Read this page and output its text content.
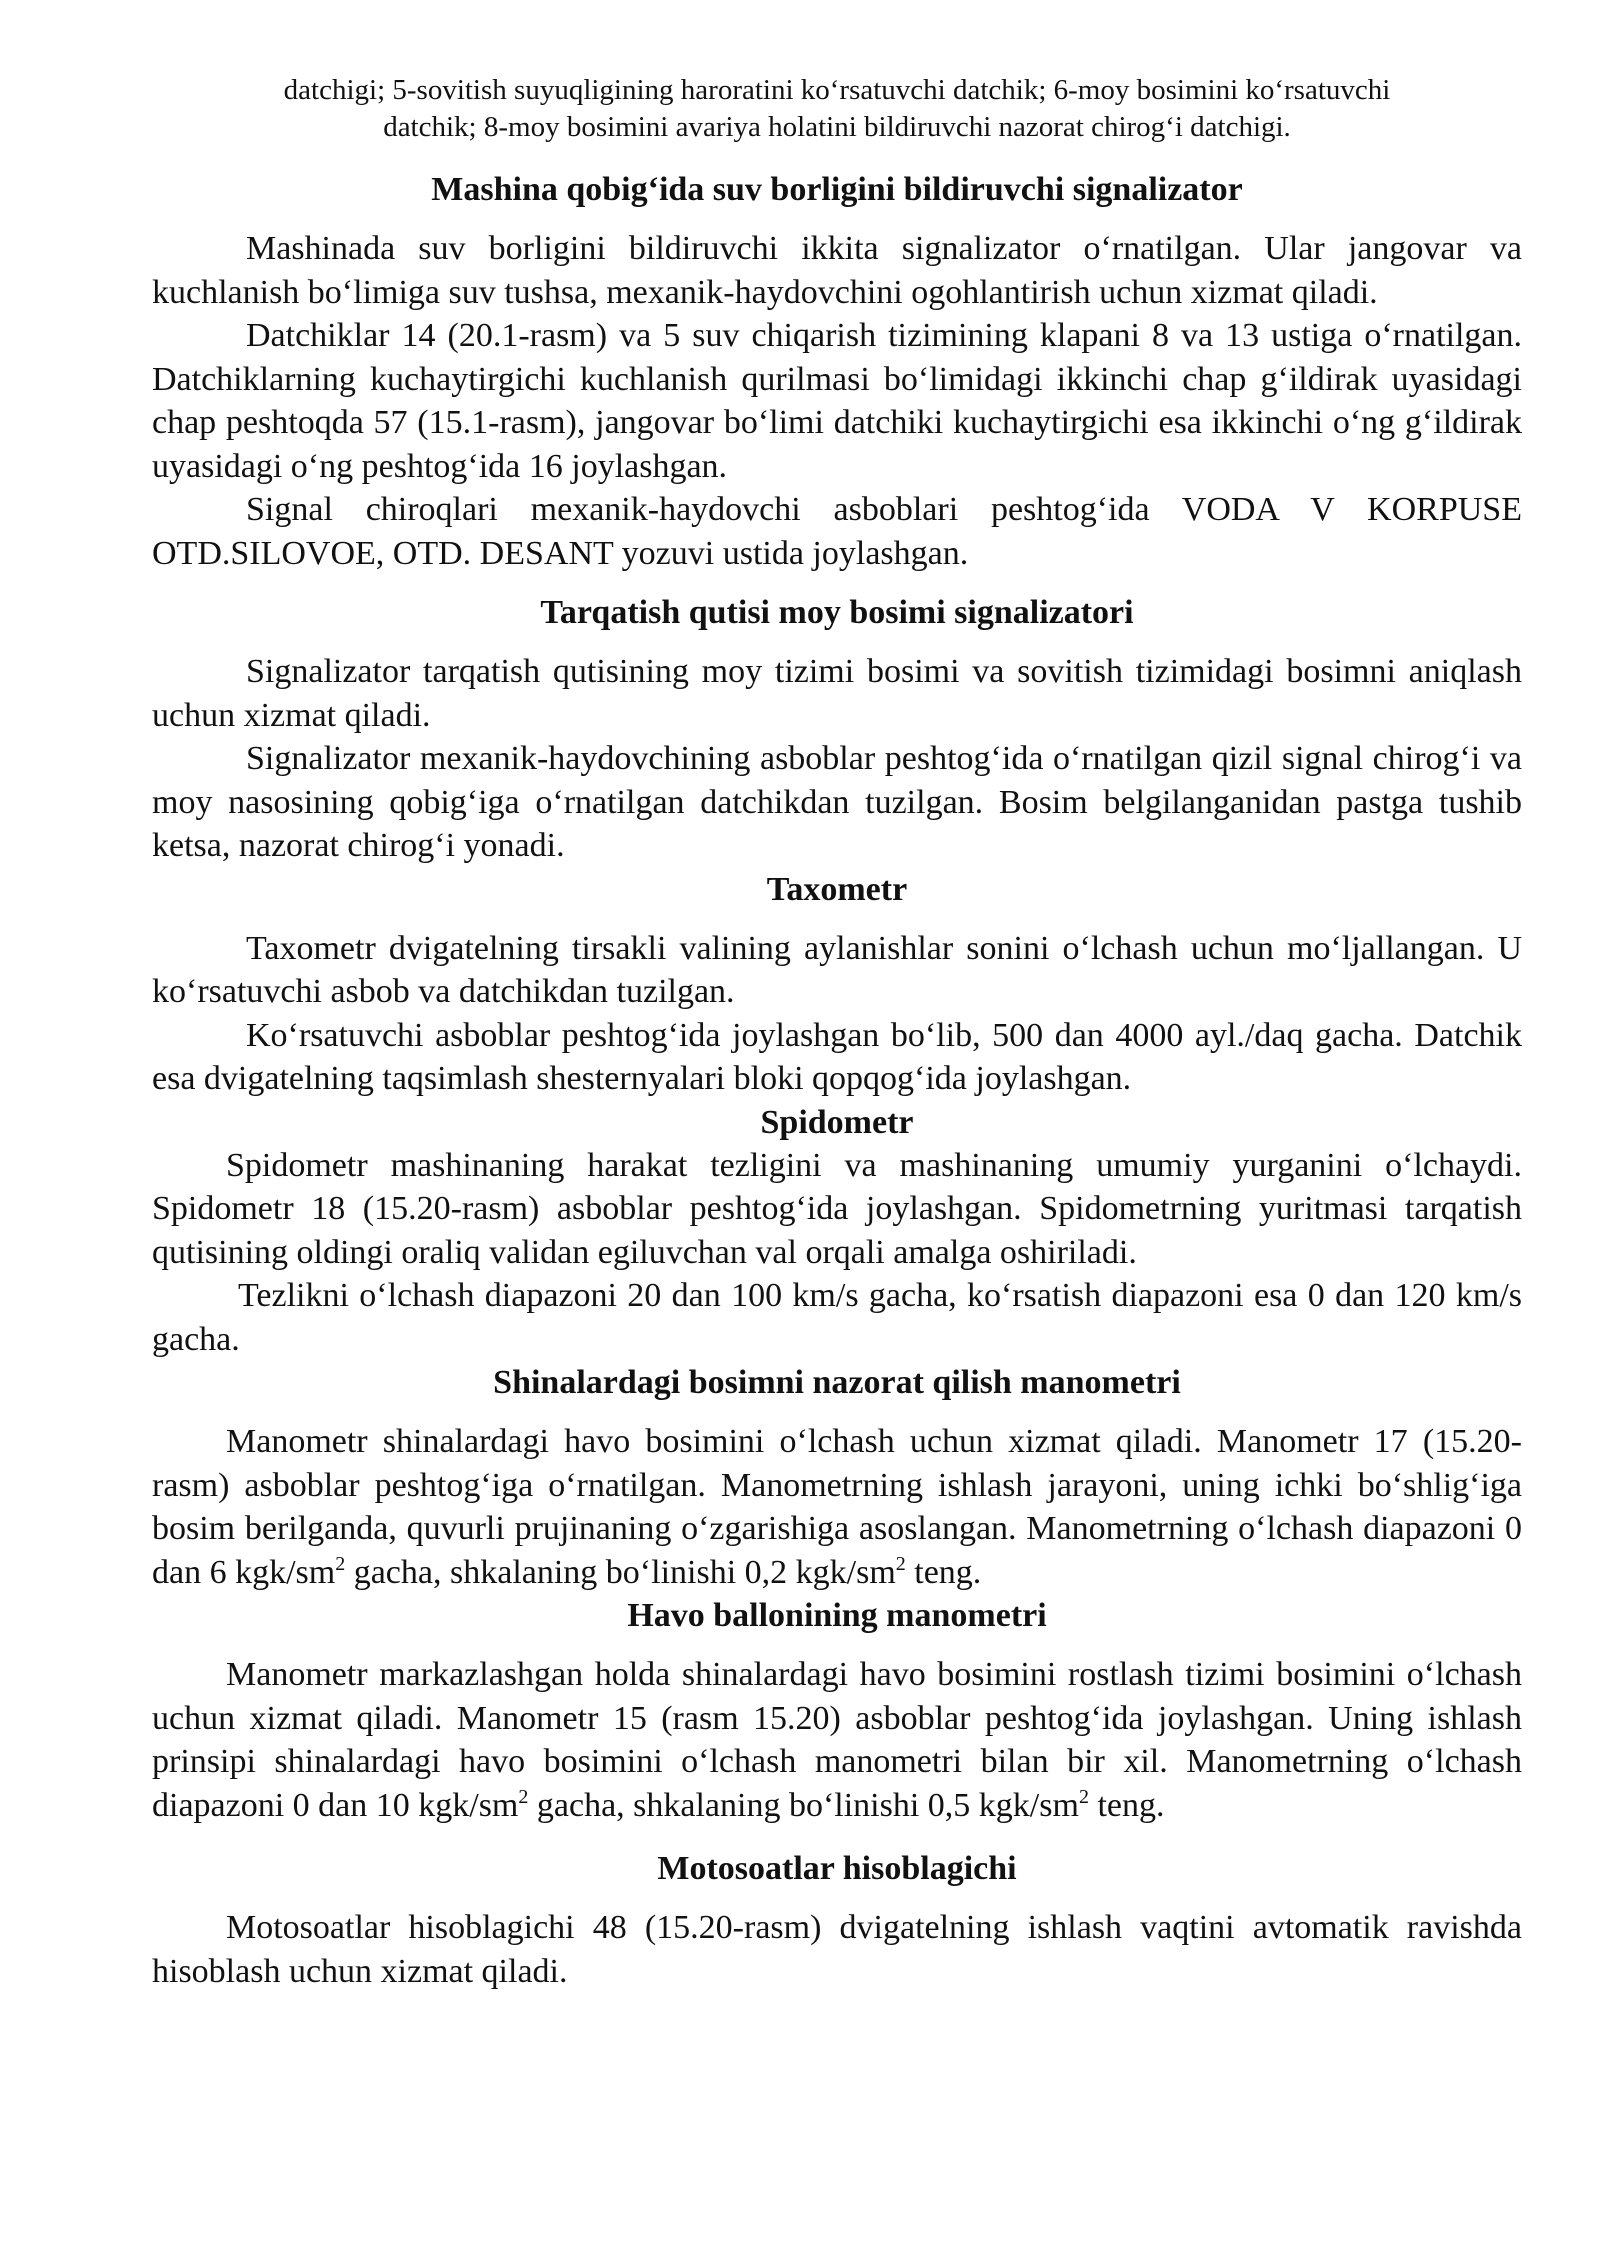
datchigi; 5-sovitish suyuqligining haroratini ko‘rsatuvchi datchik; 6-moy bosimini ko‘rsatuvchi
datchik; 8-moy bosimini avariya holatini bildiruvchi nazorat chirog‘i datchigi.
Mashina qobig‘ida suv borligini bildiruvchi signalizator

Mashinada suv borligini bildiruvchi ikkita signalizator o‘rnatilgan. Ular jangovar va kuchlanish bo‘limiga suv tushsa, mexanik-haydovchini ogohlantirish uchun xizmat qiladi.

Datchiklar 14 (20.1-rasm) va 5 suv chiqarish tizimining klapani 8 va 13 ustiga o‘rnatilgan. Datchiklarning kuchaytirgichi kuchlanish qurilmasi bo‘limidagi ikkinchi chap g‘ildirak uyasidagi chap peshtoqda 57 (15.1-rasm), jangovar bo‘limi datchiki kuchaytirgichi esa ikkinchi o‘ng g‘ildirak uyasidagi o‘ng peshtog‘ida 16 joylashgan.

Signal chiroqlari mexanik-haydovchi asboblari peshtog‘ida VODA V KORPUSE OTD.SILOVOE, OTD. DESANT yozuvi ustida joylashgan.

Tarqatish qutisi moy bosimi signalizatori

Signalizator tarqatish qutisining moy tizimi bosimi va sovitish tizimidagi bosimni aniqlash uchun xizmat qiladi.

Signalizator mexanik-haydovchining asboblar peshtog‘ida o‘rnatilgan qizil signal chirog‘i va moy nasosining qobig‘iga o‘rnatilgan datchikdan tuzilgan. Bosim belgilanganidan pastga tushib ketsa, nazorat chirog‘i yonadi.

Taxometr

Taxometr dvigatelning tirsakli valining aylanishlar sonini o‘lchash uchun mo‘ljallangan. U ko‘rsatuvchi asbob va datchikdan tuzilgan.

Ko‘rsatuvchi asboblar peshtog‘ida joylashgan bo‘lib, 500 dan 4000 ayl./daq gacha. Datchik esa dvigatelning taqsimlash shesternyalari bloki qopqog‘ida joylashgan.

Spidometr

Spidometr mashinaning harakat tezligini va mashinaning umumiy yurganini o‘lchaydi. Spidometr 18 (15.20-rasm) asboblar peshtog‘ida joylashgan. Spidometrning yuritmasi tarqatish qutisining oldingi oraliq validan egiluvchan val orqali amalga oshiriladi.

Tezlikni o‘lchash diapazoni 20 dan 100 km/s gacha, ko‘rsatish diapazoni esa 0 dan 120 km/s gacha.

Shinalardagi bosimni nazorat qilish manometri

Manometr shinalardagi havo bosimini o‘lchash uchun xizmat qiladi. Manometr 17 (15.20-rasm) asboblar peshtog‘iga o‘rnatilgan. Manometrning ishlash jarayoni, uning ichki bo‘shlig‘iga bosim berilganda, quvurli prujinaning o‘zgarishiga asoslangan. Manometrning o‘lchash diapazoni 0 dan 6 kgk/$sm^2$ gacha, shkalaning bo‘linishi 0,2 kgk/$sm^2$ teng.

Havo ballonining manometri

Manometr markazlashgan holda shinalardagi havo bosimini rostlash tizimi bosimini o‘lchash uchun xizmat qiladi. Manometr 15 (rasm 15.20) asboblar peshtog‘ida joylashgan. Uning ishlash prinsipi shinalardagi havo bosimini o‘lchash manometri bilan bir xil. Manometrning o‘lchash diapazoni 0 dan 10 kgk/$sm^2$ gacha, shkalaning bo‘linishi 0,5 kgk/$sm^2$ teng.

Motosoatlar hisoblagichi

Motosoatlar hisoblagichi 48 (15.20-rasm) dvigatelning ishlash vaqtini avtomatik ravishda hisoblash uchun xizmat qiladi.
